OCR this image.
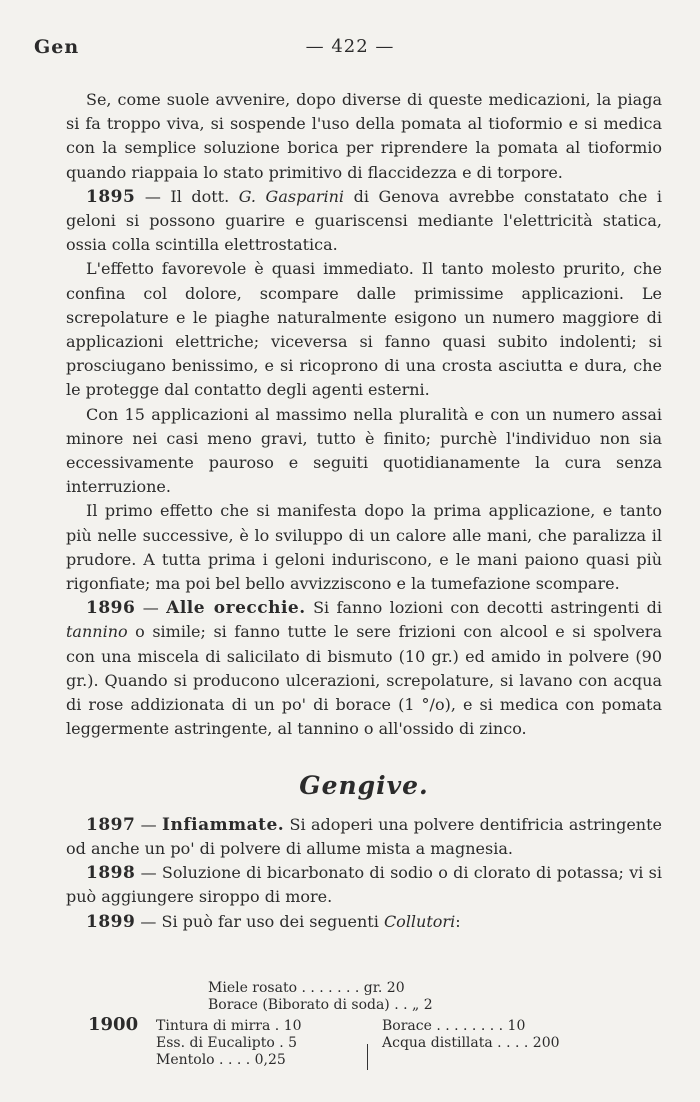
Gen	— 422 —

Se, come suole avvenire, dopo diverse di queste medicazioni, la piaga si fa troppo viva, si sospende l'uso della pomata al tioformio e si medica con la semplice soluzione borica per riprendere la pomata al tioformio quando riappaia lo stato primitivo di flaccidezza e di torpore.

1895 — Il dott. G. Gasparini di Genova avrebbe constatato che i geloni si possono guarire e guariscensi mediante l'elettricità statica, ossia colla scintilla elettrostatica.

L'effetto favorevole è quasi immediato. Il tanto molesto prurito, che confina col dolore, scompare dalle primissime applicazioni. Le screpolature e le piaghe naturalmente esigono un numero maggiore di applicazioni elettriche; viceversa si fanno quasi subito indolenti; si prosciugano benissimo, e si ricoprono di una crosta asciutta e dura, che le protegge dal contatto degli agenti esterni.

Con 15 applicazioni al massimo nella pluralità e con un numero assai minore nei casi meno gravi, tutto è finito; purchè l'individuo non sia eccessivamente pauroso e seguiti quotidianamente la cura senza interruzione.

Il primo effetto che si manifesta dopo la prima applicazione, e tanto più nelle successive, è lo sviluppo di un calore alle mani, che paralizza il prudore. A tutta prima i geloni induriscono, e le mani paiono quasi più rigonfiate; ma poi bel bello avvizziscono e la tumefazione scompare.

1896 — Alle orecchie. Si fanno lozioni con decotti astringenti di tannino o simile; si fanno tutte le sere frizioni con alcool e si spolvera con una miscela di salicilato di bismuto (10 gr.) ed amido in polvere (90 gr.). Quando si producono ulcerazioni, screpolature, si lavano con acqua di rose addizionata di un po' di borace (1 °/o), e si medica con pomata leggermente astringente, al tannino o all'ossido di zinco.

Gengive.

1897 — Infiammate. Si adoperi una polvere dentifricia astringente od anche un po' di polvere di allume mista a magnesia.

1898 — Soluzione di bicarbonato di sodio o di clorato di potassa; vi si può aggiungere siroppo di more.

1899 — Si può far uso dei seguenti Collutori:

Miele rosato . . . . . . . gr. 20
Borace (Biborato di soda) . . „ 2
1900 Tintura di mirra . 10
Ess. di Eucalipto . 5
Mentolo . . . . 0,25
Borace . . . . . . . . 10
Acqua distillata . . . . 200
